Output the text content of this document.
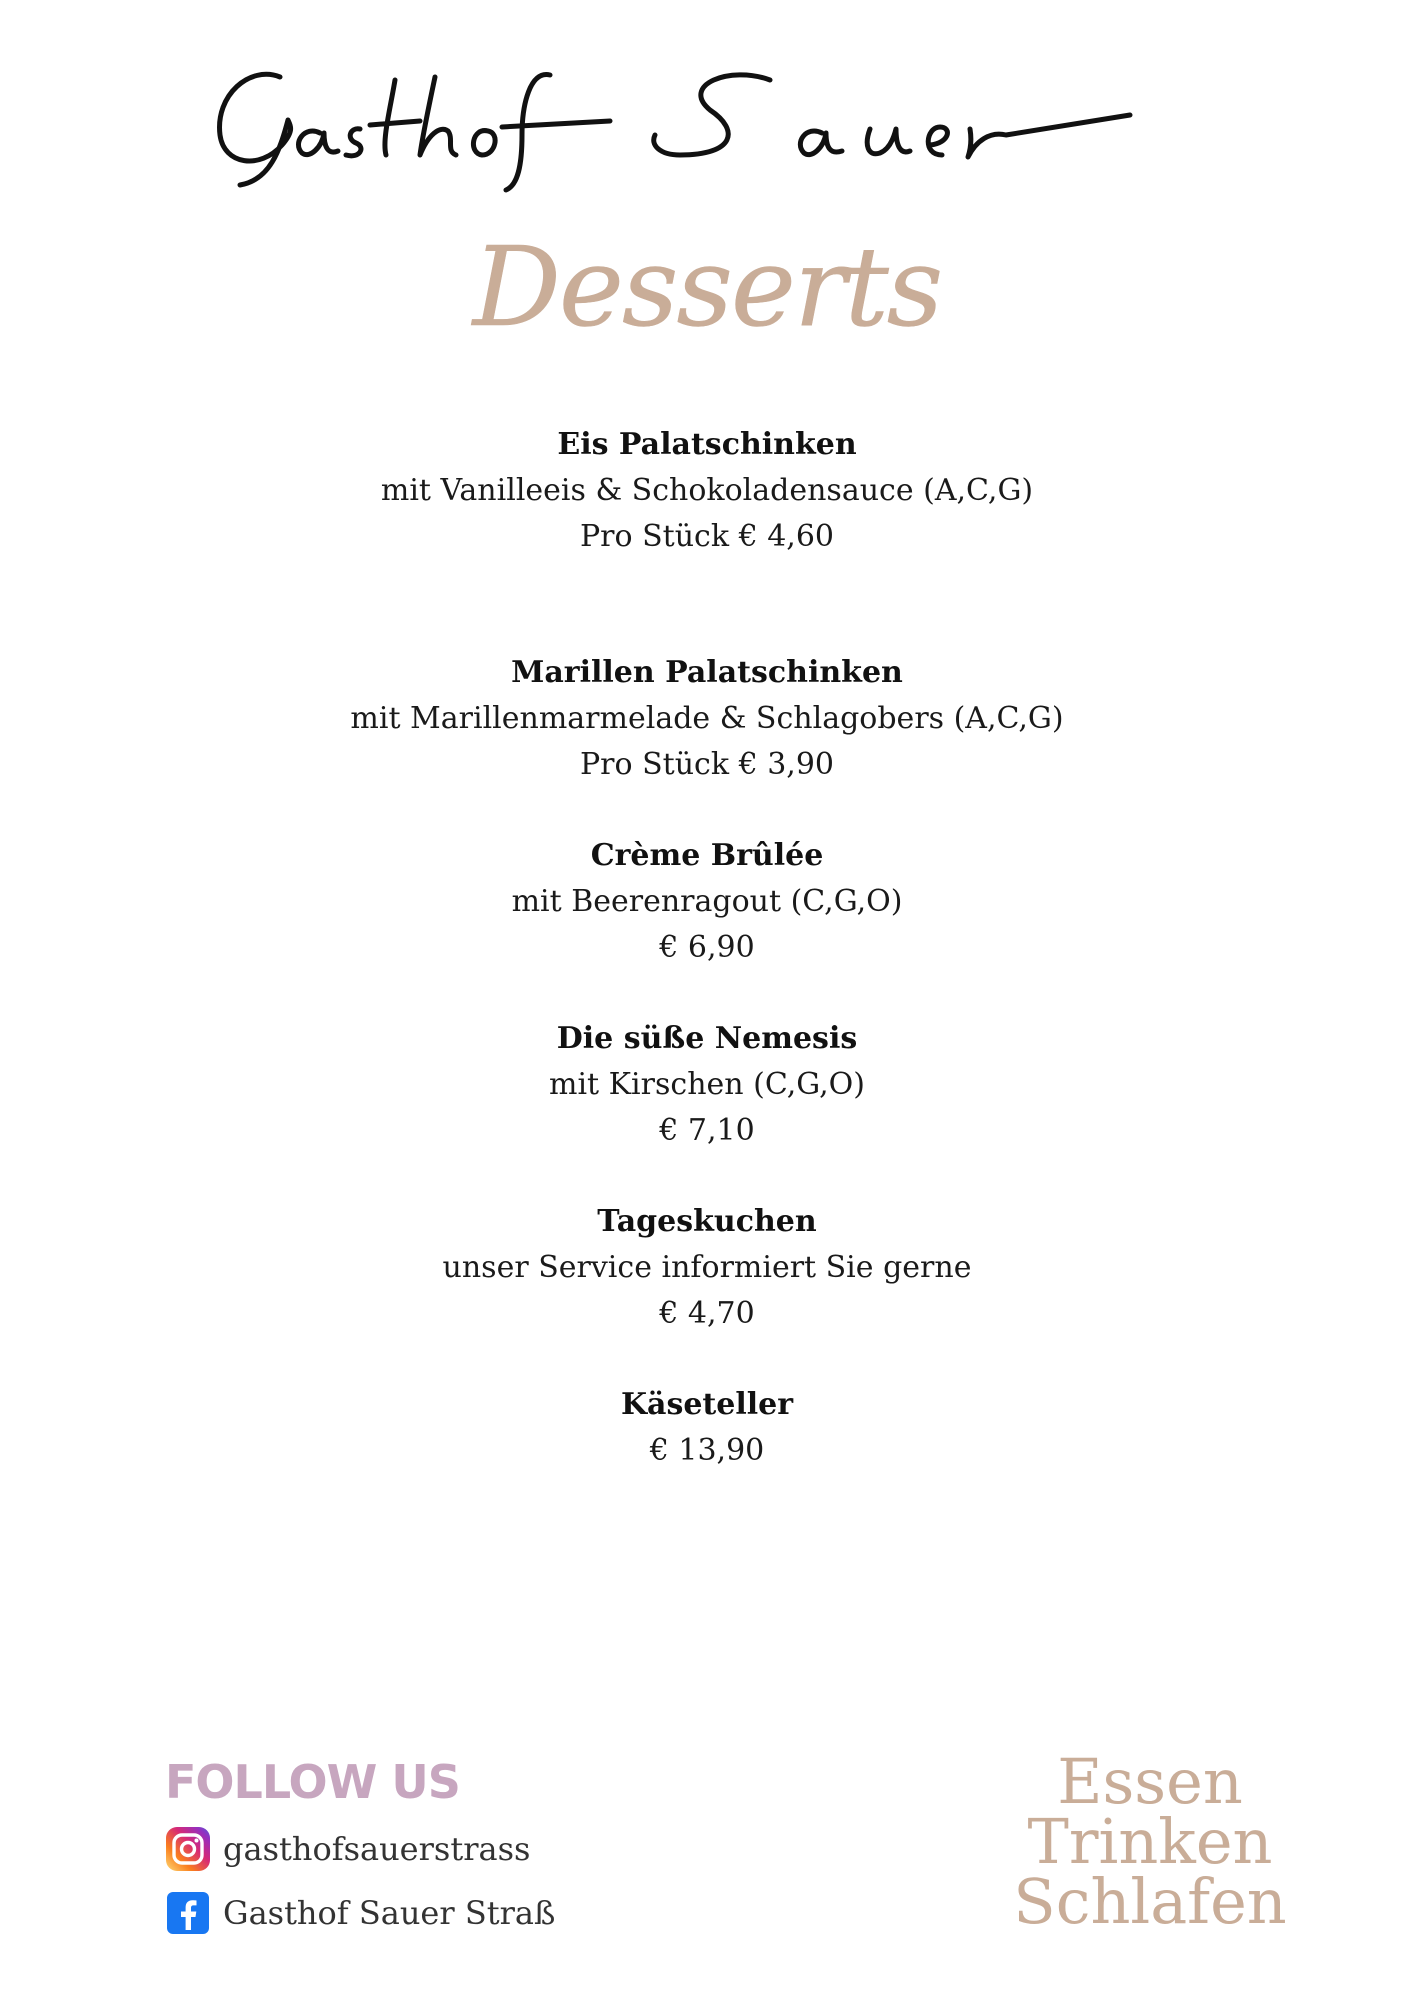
Desserts
Eis Palatschinken
mit Vanilleeis & Schokoladensauce (A,C,G)
Pro Stück € 4,60
Marillen Palatschinken
mit Marillenmarmelade & Schlagobers (A,C,G)
Pro Stück € 3,90
Crème Brûlée
mit Beerenragout (C,G,O)
€ 6,90
Die süße Nemesis
mit Kirschen (C,G,O)
€ 7,10
Tageskuchen
unser Service informiert Sie gerne
€ 4,70
Käseteller
€ 13,90
FOLLOW US
gasthofsauerstrass
Gasthof Sauer Straß
Essen
Trinken
Schlafen
